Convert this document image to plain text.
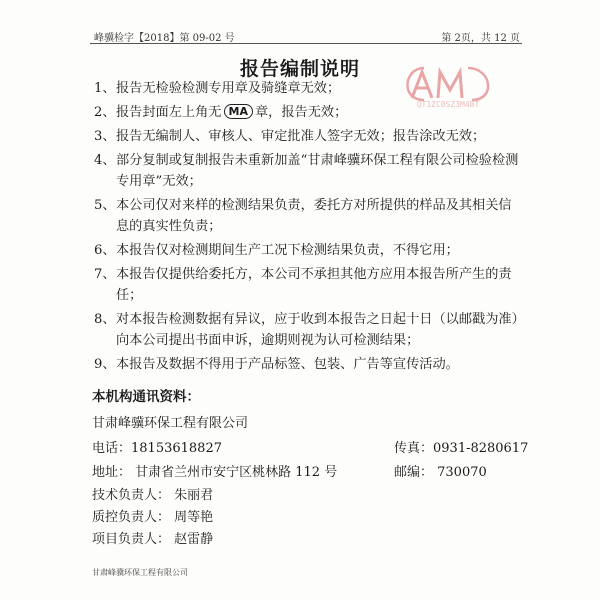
峰骥检字【2018】第 09-02 号	第 2页，共 12 页
QT1ZC0SZ3M4BT
报告编制说明
1、 报告无检验检测专用章及骑缝章无效；
2、 报告封面左上角无 MA 章，报告无效；
3、 报告无编制人、审核人、审定批准人签字无效；报告涂改无效；
4、 部分复制或复制报告未重新加盖“甘肃峰骥环保工程有限公司检验检测专用章”无效；
5、 本公司仅对来样的检测结果负责，委托方对所提供的样品及其相关信息的真实性负责；
6、 本报告仅对检测期间生产工况下检测结果负责，不得它用；
7、 本报告仅提供给委托方，本公司不承担其他方应用本报告所产生的责任；
8、 对本报告检测数据有异议，应于收到本报告之日起十日（以邮戳为准）向本公司提出书面申诉，逾期则视为认可检测结果；
9、 本报告及数据不得用于产品标签、包装、广告等宣传活动。
本机构通讯资料：
甘肃峰骥环保工程有限公司
电话：18153618827	传真：0931-8280617
地址： 甘肃省兰州市安宁区桃林路 112 号	邮编： 730070
技术负责人： 朱丽君
质控负责人： 周等艳
项目负责人： 赵雷静
甘肃峰骥环保工程有限公司
